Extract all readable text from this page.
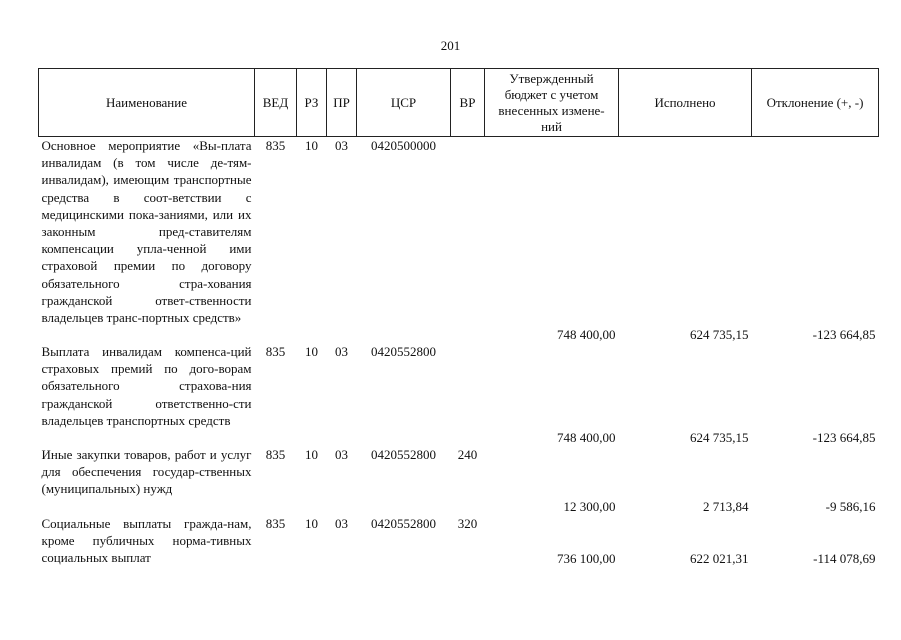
201
Наименование	ВЕД	РЗ	ПР	ЦСР	ВР	Утвержденный бюджет с учетом внесенных измене-ний	Исполнено	Отклонение (+, -)
Основное мероприятие «Вы-плата инвалидам (в том числе де-тям-инвалидам), имеющим транспортные средства в соот-ветствии с медицинскими пока-заниями, или их законным пред-ставителям компенсации упла-ченной ими страховой премии по договору обязательного стра-хования гражданской ответ-ственности владельцев транс-портных средств»	835	10	03	0420500000		748 400,00	624 735,15	-123 664,85
Выплата инвалидам компенса-ций страховых премий по дого-ворам обязательного страхова-ния гражданской ответственно-сти владельцев транспортных средств	835	10	03	0420552800		748 400,00	624 735,15	-123 664,85
Иные закупки товаров, работ и услуг для обеспечения государ-ственных (муниципальных) нужд	835	10	03	0420552800	240	12 300,00	2 713,84	-9 586,16
Социальные выплаты гражда-нам, кроме публичных норма-тивных социальных выплат	835	10	03	0420552800	320	736 100,00	622 021,31	-114 078,69
